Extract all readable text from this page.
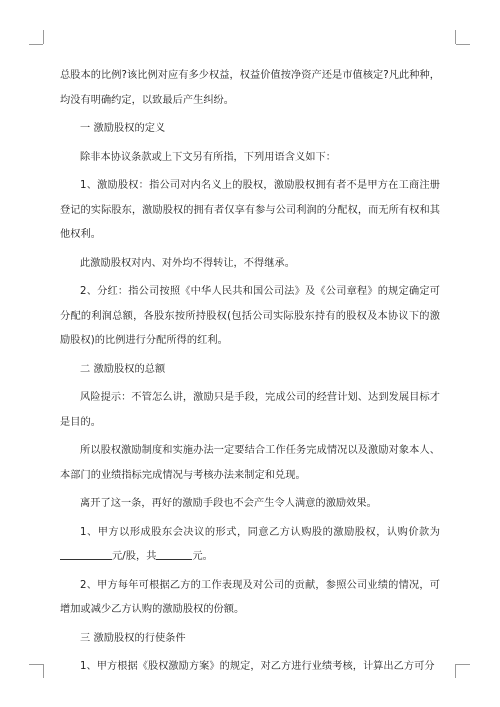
总股本的比例?该比例对应有多少权益，权益价值按净资产还是市值核定?凡此种种，均没有明确约定，以致最后产生纠纷。

一 激励股权的定义

除非本协议条款或上下文另有所指，下列用语含义如下：

1、激励股权：指公司对内名义上的股权，激励股权拥有者不是甲方在工商注册登记的实际股东，激励股权的拥有者仅享有参与公司利润的分配权，而无所有权和其他权利。

此激励股权对内、对外均不得转让，不得继承。

2、分红：指公司按照《中华人民共和国公司法》及《公司章程》的规定确定可分配的利润总额，各股东按所持股权(包括公司实际股东持有的股权及本协议下的激励股权)的比例进行分配所得的红利。

二 激励股权的总额

风险提示：不管怎么讲，激励只是手段，完成公司的经营计划、达到发展目标才是目的。

所以股权激励制度和实施办法一定要结合工作任务完成情况以及激励对象本人、本部门的业绩指标完成情况与考核办法来制定和兑现。

离开了这一条，再好的激励手段也不会产生令人满意的激励效果。

1、甲方以形成股东会决议的形式，同意乙方认购股的激励股权，认购价款为元/股，共	元。

2、甲方每年可根据乙方的工作表现及对公司的贡献，参照公司业绩的情况，可增加或减少乙方认购的激励股权的份额。

三 激励股权的行使条件

1、甲方根据《股权激励方案》的规定，对乙方进行业绩考核，计算出乙方可分
